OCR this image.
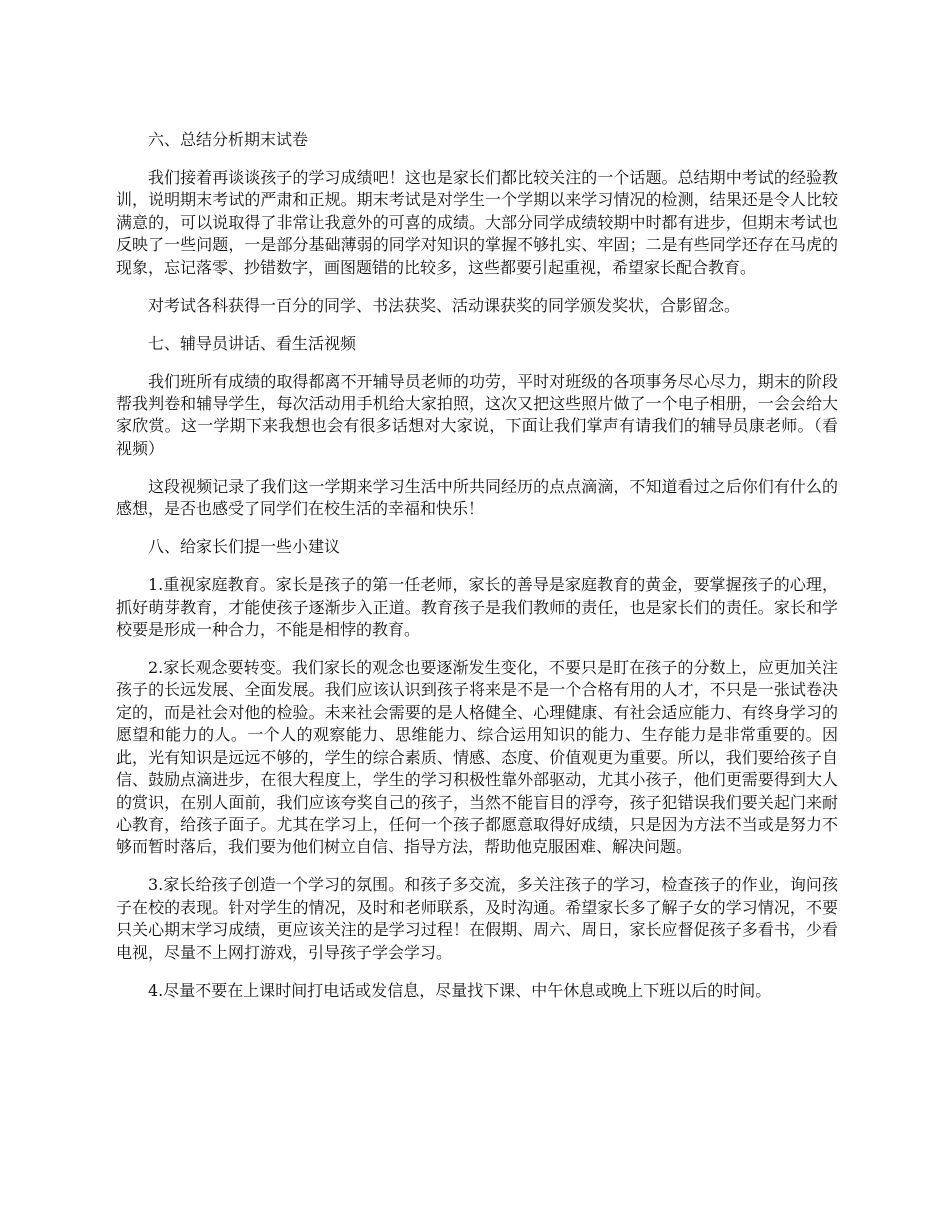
六、总结分析期末试卷

我们接着再谈谈孩子的学习成绩吧！这也是家长们都比较关注的一个话题。总结期中考试的经验教训，说明期末考试的严肃和正规。期末考试是对学生一个学期以来学习情况的检测，结果还是令人比较满意的，可以说取得了非常让我意外的可喜的成绩。大部分同学成绩较期中时都有进步，但期末考试也反映了一些问题，一是部分基础薄弱的同学对知识的掌握不够扎实、牢固；二是有些同学还存在马虎的现象，忘记落零、抄错数字，画图题错的比较多，这些都要引起重视，希望家长配合教育。

对考试各科获得一百分的同学、书法获奖、活动课获奖的同学颁发奖状，合影留念。

七、辅导员讲话、看生活视频

我们班所有成绩的取得都离不开辅导员老师的功劳，平时对班级的各项事务尽心尽力，期末的阶段帮我判卷和辅导学生，每次活动用手机给大家拍照，这次又把这些照片做了一个电子相册，一会会给大家欣赏。这一学期下来我想也会有很多话想对大家说，下面让我们掌声有请我们的辅导员康老师。（看视频）

这段视频记录了我们这一学期来学习生活中所共同经历的点点滴滴，不知道看过之后你们有什么的感想，是否也感受了同学们在校生活的幸福和快乐！

八、给家长们提一些小建议

1.重视家庭教育。家长是孩子的第一任老师，家长的善导是家庭教育的黄金，要掌握孩子的心理，抓好萌芽教育，才能使孩子逐渐步入正道。教育孩子是我们教师的责任，也是家长们的责任。家长和学校要是形成一种合力，不能是相悖的教育。

2.家长观念要转变。我们家长的观念也要逐渐发生变化，不要只是盯在孩子的分数上，应更加关注孩子的长远发展、全面发展。我们应该认识到孩子将来是不是一个合格有用的人才，不只是一张试卷决定的，而是社会对他的检验。未来社会需要的是人格健全、心理健康、有社会适应能力、有终身学习的愿望和能力的人。一个人的观察能力、思维能力、综合运用知识的能力、生存能力是非常重要的。因此，光有知识是远远不够的，学生的综合素质、情感、态度、价值观更为重要。所以，我们要给孩子自信、鼓励点滴进步，在很大程度上，学生的学习积极性靠外部驱动，尤其小孩子，他们更需要得到大人的赏识，在别人面前，我们应该夸奖自己的孩子，当然不能盲目的浮夸，孩子犯错误我们要关起门来耐心教育，给孩子面子。尤其在学习上，任何一个孩子都愿意取得好成绩，只是因为方法不当或是努力不够而暂时落后，我们要为他们树立自信、指导方法，帮助他克服困难、解决问题。

3.家长给孩子创造一个学习的氛围。和孩子多交流，多关注孩子的学习，检查孩子的作业，询问孩子在校的表现。针对学生的情况，及时和老师联系，及时沟通。希望家长多了解子女的学习情况，不要只关心期末学习成绩，更应该关注的是学习过程！在假期、周六、周日，家长应督促孩子多看书，少看电视，尽量不上网打游戏，引导孩子学会学习。

4.尽量不要在上课时间打电话或发信息，尽量找下课、中午休息或晚上下班以后的时间。
